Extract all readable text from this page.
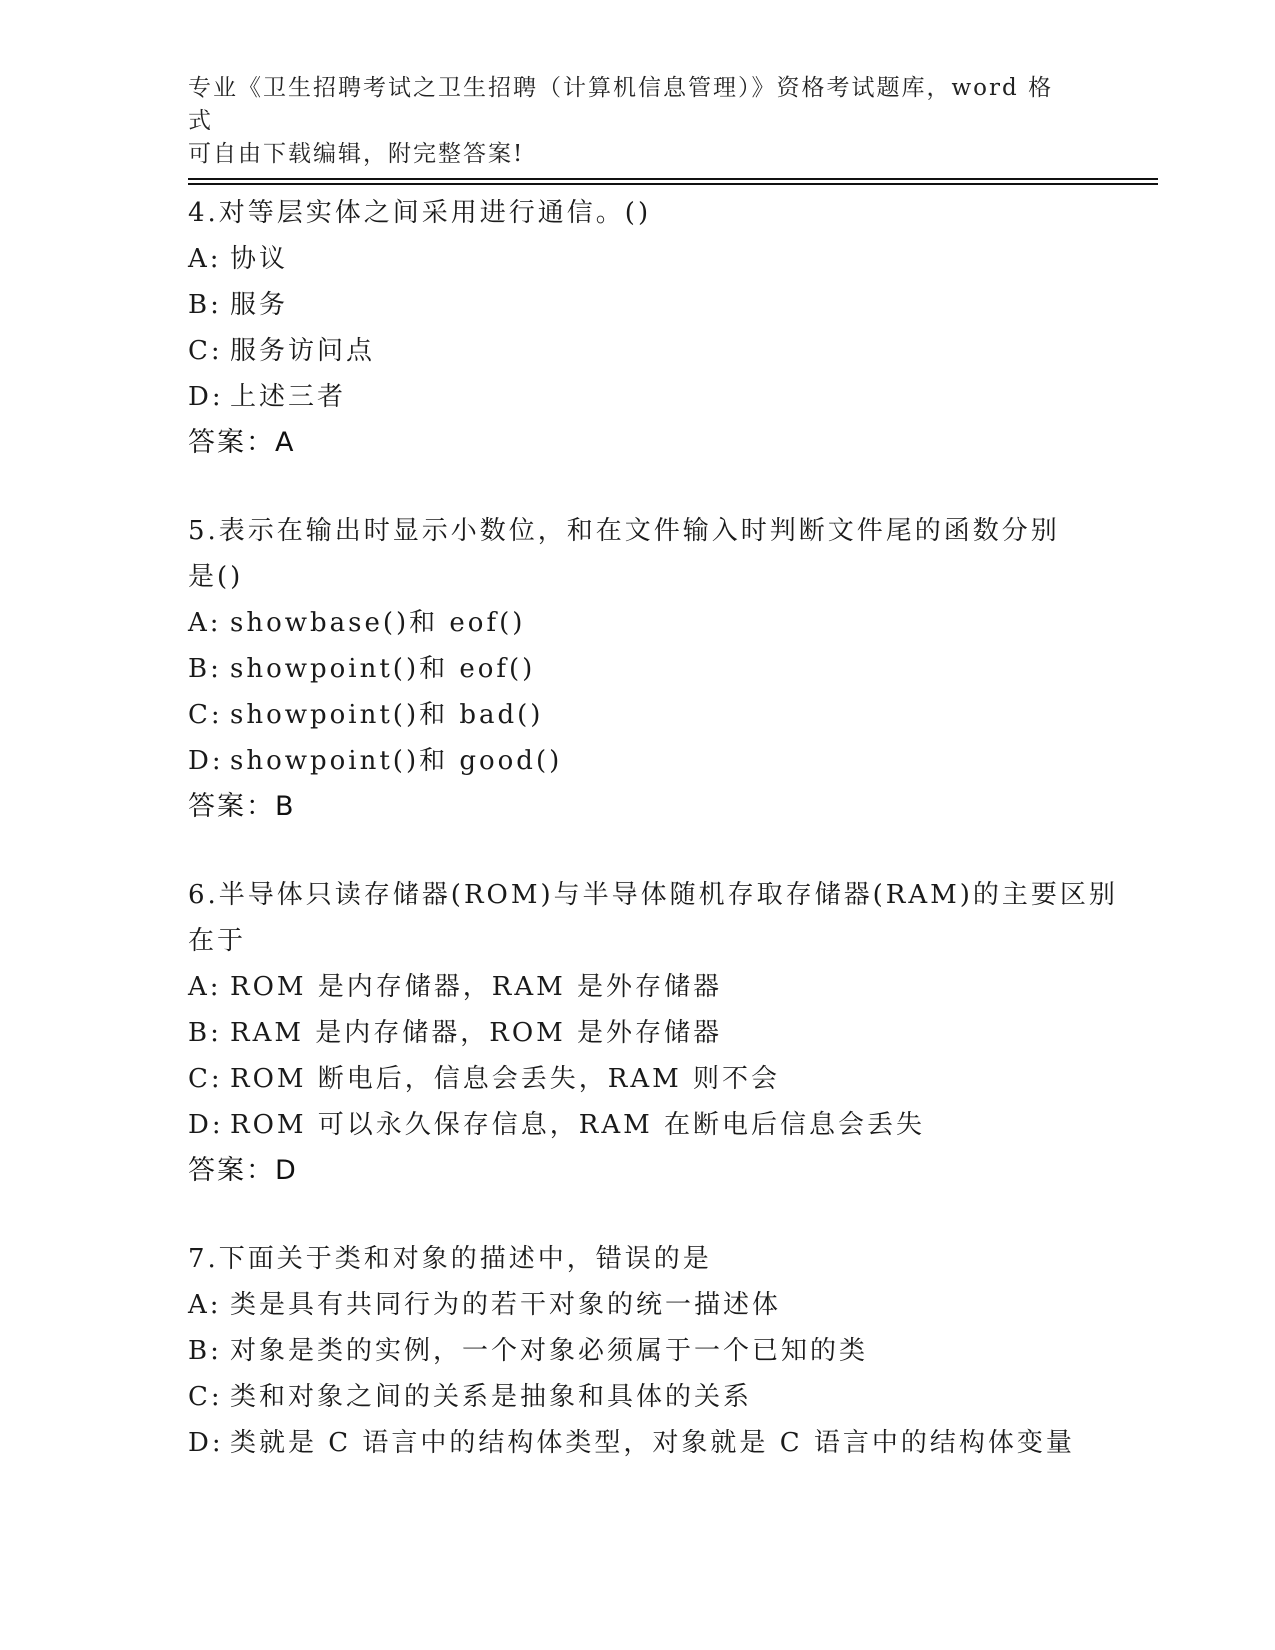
专业《卫生招聘考试之卫生招聘（计算机信息管理）》资格考试题库，word 格式
可自由下载编辑，附完整答案!

4.对等层实体之间采用进行通信。()

A: 协议

B: 服务

C: 服务访问点

D: 上述三者

答案：A

5.表示在输出时显示小数位，和在文件输入时判断文件尾的函数分别

是()

A: showbase()和 eof()

B: showpoint()和 eof()

C: showpoint()和 bad()

D: showpoint()和 good()

答案：B

6.半导体只读存储器(ROM)与半导体随机存取存储器(RAM)的主要区别

在于

A: ROM 是内存储器，RAM 是外存储器

B: RAM 是内存储器，ROM 是外存储器

C: ROM 断电后，信息会丢失，RAM 则不会

D: ROM 可以永久保存信息，RAM 在断电后信息会丢失

答案：D

7.下面关于类和对象的描述中，错误的是

A: 类是具有共同行为的若干对象的统一描述体

B: 对象是类的实例，一个对象必须属于一个已知的类

C: 类和对象之间的关系是抽象和具体的关系

D: 类就是 C 语言中的结构体类型，对象就是 C 语言中的结构体变量
